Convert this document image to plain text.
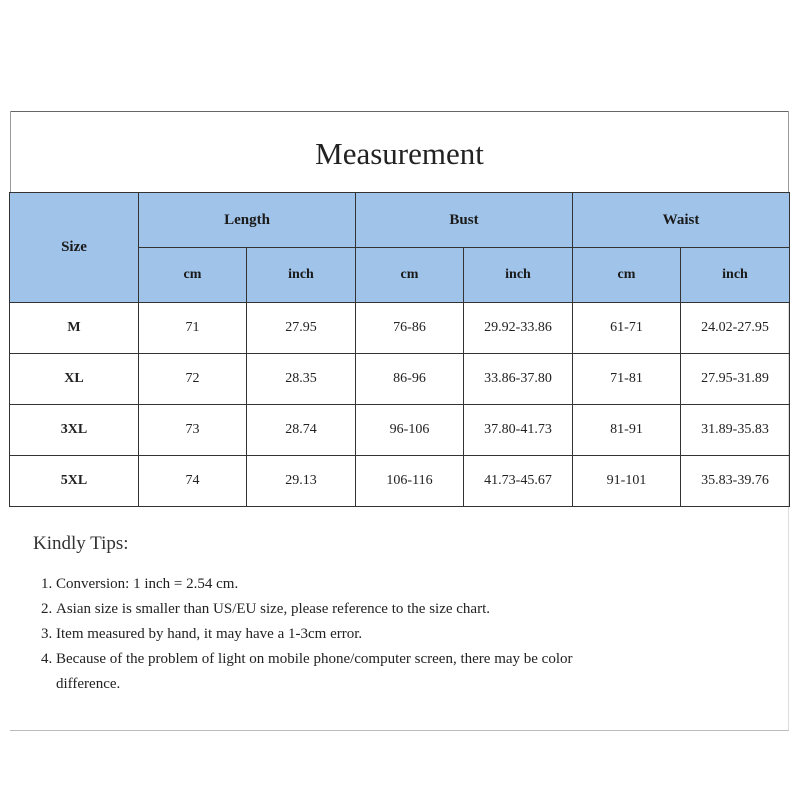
Measurement
Size	Length		Bust		Waist	
	cm	inch	cm	inch	cm	inch
M	71	27.95	76-86	29.92-33.86	61-71	24.02-27.95
XL	72	28.35	86-96	33.86-37.80	71-81	27.95-31.89
3XL	73	28.74	96-106	37.80-41.73	81-91	31.89-35.83
5XL	74	29.13	106-116	41.73-45.67	91-101	35.83-39.76
Kindly Tips:
1. Conversion: 1 inch = 2.54 cm.
2. Asian size is smaller than US/EU size, please reference to the size chart.
3. Item measured by hand, it may have a 1-3cm error.
4. Because of the problem of light on mobile phone/computer screen, there may be color difference.
